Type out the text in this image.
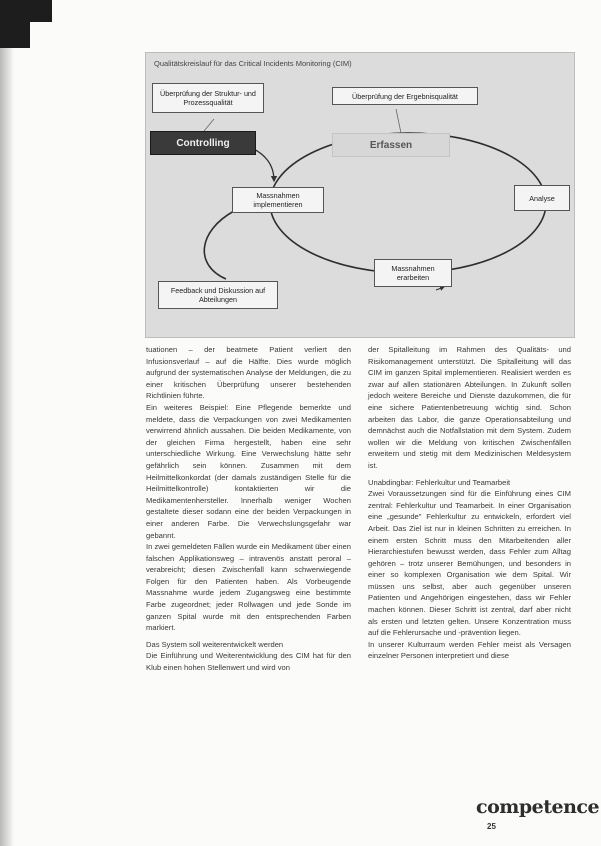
Qualitätskreislauf für das Critical Incidents Monitoring (CIM)
Überprüfung der Struktur- und Prozessqualität
Überprüfung der Ergebnisqualität
Controlling	Erfassen
Analyse
Massnahmen implementieren
Massnahmen erarbeiten
Feedback und Diskussion auf Abteilungen

tuationen – der beatmete Patient verliert den Infusionsverlauf – auf die Hälfte. Dies wurde möglich aufgrund der systematischen Analyse der Meldungen, die zu einer kritischen Überprüfung unserer bestehenden Richtlinien führte.

Ein weiteres Beispiel: Eine Pflegende bemerkte und meldete, dass die Verpackungen von zwei Medikamenten verwirrend ähnlich aussahen. Die beiden Medikamente, von der gleichen Firma hergestellt, haben eine sehr unterschiedliche Wirkung. Eine Verwechslung hätte sehr gefährlich sein können. Zusammen mit dem Heilmittelkonkordat (der damals zuständigen Stelle für die Heilmittelkontrolle) kontaktierten wir die Medikamentenhersteller. Innerhalb weniger Wochen gestaltete dieser sodann eine der beiden Verpackungen in einer anderen Farbe. Die Verwechslungsgefahr war gebannt.

In zwei gemeldeten Fällen wurde ein Medikament über einen falschen Applikationsweg – intravenös anstatt peroral – verabreicht; diesen Zwischenfall kann schwerwiegende Folgen für den Patienten haben. Als Vorbeugende Massnahme wurde jedem Zugangsweg eine bestimmte Farbe zugeordnet; jeder Rollwagen und jede Sonde im ganzen Spital wurde mit den entsprechenden Farben markiert.

Das System soll weiterentwickelt werden

Die Einführung und Weiterentwicklung des CIM hat für den Klub einen hohen Stellenwert und wird von

der Spitalleitung im Rahmen des Qualitäts- und Risikomanagement unterstützt. Die Spitalleitung will das CIM im ganzen Spital implementieren. Realisiert werden es zwar auf allen stationären Abteilungen. In Zukunft sollen jedoch weitere Bereiche und Dienste dazukommen, die für eine sichere Patientenbetreuung wichtig sind. Schon arbeiten das Labor, die ganze Operationsabteilung und demnächst auch die Notfallstation mit dem System. Zudem wollen wir die Meldung von kritischen Zwischenfällen erweitern und stetig mit dem Medizinischen Meldesystem ist.

Unabdingbar: Fehlerkultur und Teamarbeit

Zwei Voraussetzungen sind für die Einführung eines CIM zentral: Fehlerkultur und Teamarbeit. In einer Organisation eine „gesunde" Fehlerkultur zu entwickeln, erfordert viel Arbeit. Das Ziel ist nur in kleinen Schritten zu erreichen. In einem ersten Schritt muss den Mitarbeitenden aller Hierarchiestufen bewusst werden, dass Fehler zum Alltag gehören – trotz unserer Bemühungen, und besonders in einer so komplexen Organisation wie dem Spital. Wir müssen uns selbst, aber auch gegenüber unseren Patienten und Angehörigen eingestehen, dass wir Fehler machen können. Dieser Schritt ist zentral, darf aber nicht als ersten und letzten gelten. Unsere Konzentration muss auf die Fehlerursache und -prävention liegen.

In unserer Kulturraum werden Fehler meist als Versagen einzelner Personen interpretiert und diese

competence
25
